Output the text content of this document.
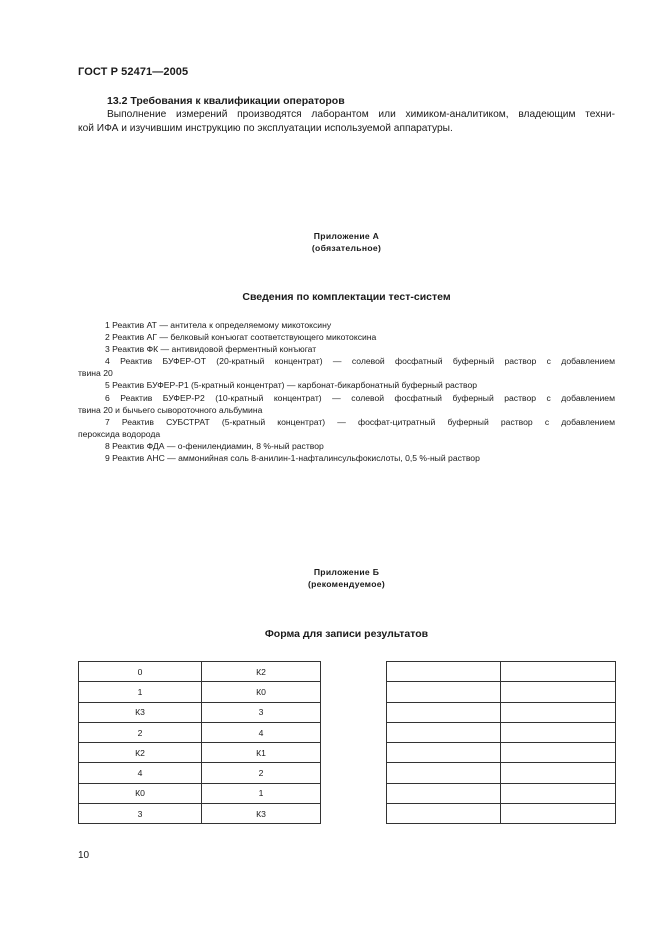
ГОСТ Р 52471—2005
13.2 Требования к квалификации операторов
Выполнение измерений производятся лаборантом или химиком-аналитиком, владеющим техни-
кой ИФА и изучившим инструкцию по эксплуатации используемой аппаратуры.
Приложение А
(обязательное)
Сведения по комплектации тест-систем
1 Реактив АТ — антитела к определяемому микотоксину
2 Реактив АГ — белковый конъюгат соответствующего микотоксина
3 Реактив ФК — антивидовой ферментный конъюгат
4 Реактив БУФЕР-ОТ (20-кратный концентрат) — солевой фосфатный буферный раствор с добавлением
твина 20
5 Реактив БУФЕР-Р1 (5-кратный концентрат) — карбонат-бикарбонатный буферный раствор
6 Реактив БУФЕР-Р2 (10-кратный концентрат) — солевой фосфатный буферный раствор с добавлением
твина 20 и бычьего сывороточного альбумина
7 Реактив СУБСТРАТ (5-кратный концентрат) — фосфат-цитратный буферный раствор с добавлением
пероксида водорода
8 Реактив ФДА — о-фенилендиамин, 8 %-ный раствор
9 Реактив АНС — аммонийная соль 8-анилин-1-нафталинсульфокислоты, 0,5 %-ный раствор
Приложение Б
(рекомендуемое)
Форма для записи результатов
0	К2
1	К0
К3	3
2	4
К2	К1
4	2
К0	1
3	К3

10
